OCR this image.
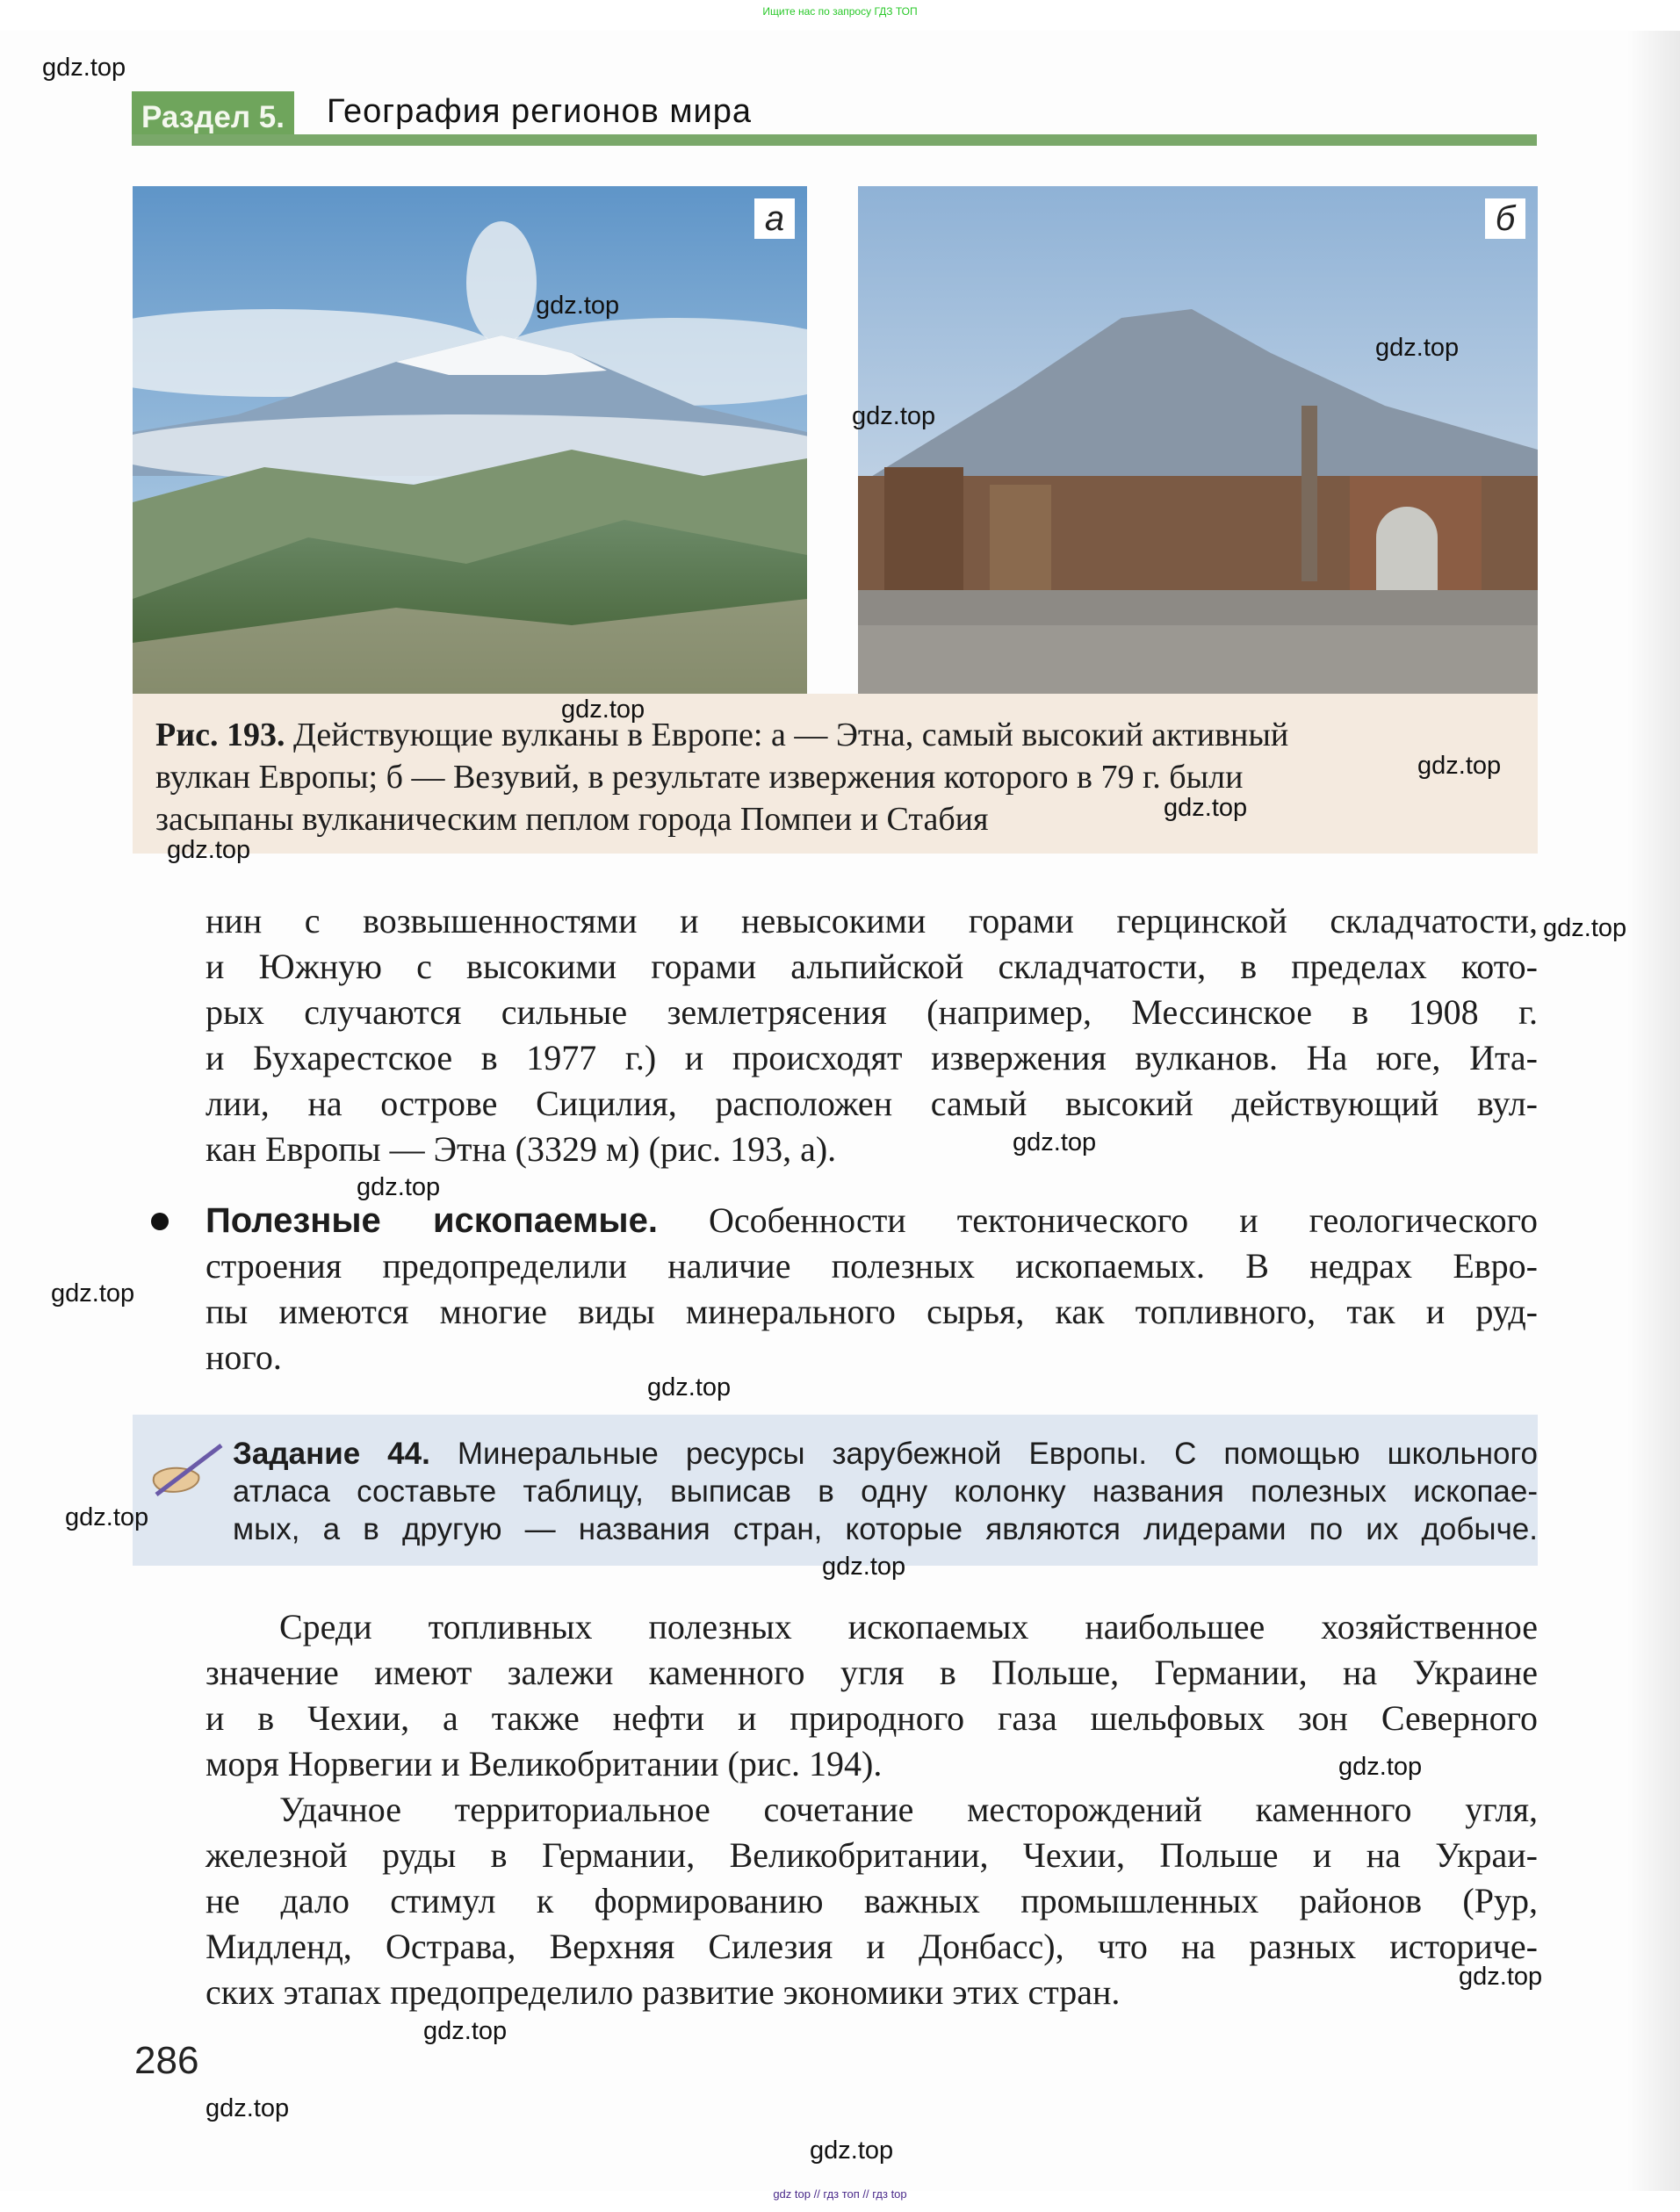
Ищите нас по запросу ГДЗ ТОП
Раздел 5. География регионов мира
а	б
Рис. 193. Действующие вулканы в Европе: а — Этна, самый высокий активный
вулкан Европы; б — Везувий, в результате извержения которого в 79 г. были
засыпаны вулканическим пеплом города Помпеи и Стабия
нин с возвышенностями и невысокими горами герцинской складчатости,
и Южную с высокими горами альпийской складчатости, в пределах кото-
рых случаются сильные землетрясения (например, Мессинское в 1908 г.
и Бухарестское в 1977 г.) и происходят извержения вулканов. На юге, Ита-
лии, на острове Сицилия, расположен самый высокий действующий вул-
кан Европы — Этна (3329 м) (рис. 193, а).
Полезные ископаемые. Особенности тектонического и геологического
строения предопределили наличие полезных ископаемых. В недрах Евро-
пы имеются многие виды минерального сырья, как топливного, так и руд-
ного.
Задание 44. Минеральные ресурсы зарубежной Европы. С помощью школьного
атласа составьте таблицу, выписав в одну колонку названия полезных ископае-
мых, а в другую — названия стран, которые являются лидерами по их добыче.
Среди топливных полезных ископаемых наибольшее хозяйственное
значение имеют залежи каменного угля в Польше, Германии, на Украине
и в Чехии, а также нефти и природного газа шельфовых зон Северного
моря Норвегии и Великобритании (рис. 194).
Удачное территориальное сочетание месторождений каменного угля,
железной руды в Германии, Великобритании, Чехии, Польше и на Украи-
не дало стимул к формированию важных промышленных районов (Рур,
Мидленд, Острава, Верхняя Силезия и Донбасс), что на разных историче-
ских этапах предопределило развитие экономики этих стран.
286
gdz top // гдз топ // гдз top
gdz.top
gdz.top
gdz.top
gdz.top
gdz.top
gdz.top
gdz.top
gdz.top
gdz.top
gdz.top
gdz.top
gdz.top
gdz.top
gdz.top
gdz.top
gdz.top
gdz.top
gdz.top
gdz.top
gdz.top
